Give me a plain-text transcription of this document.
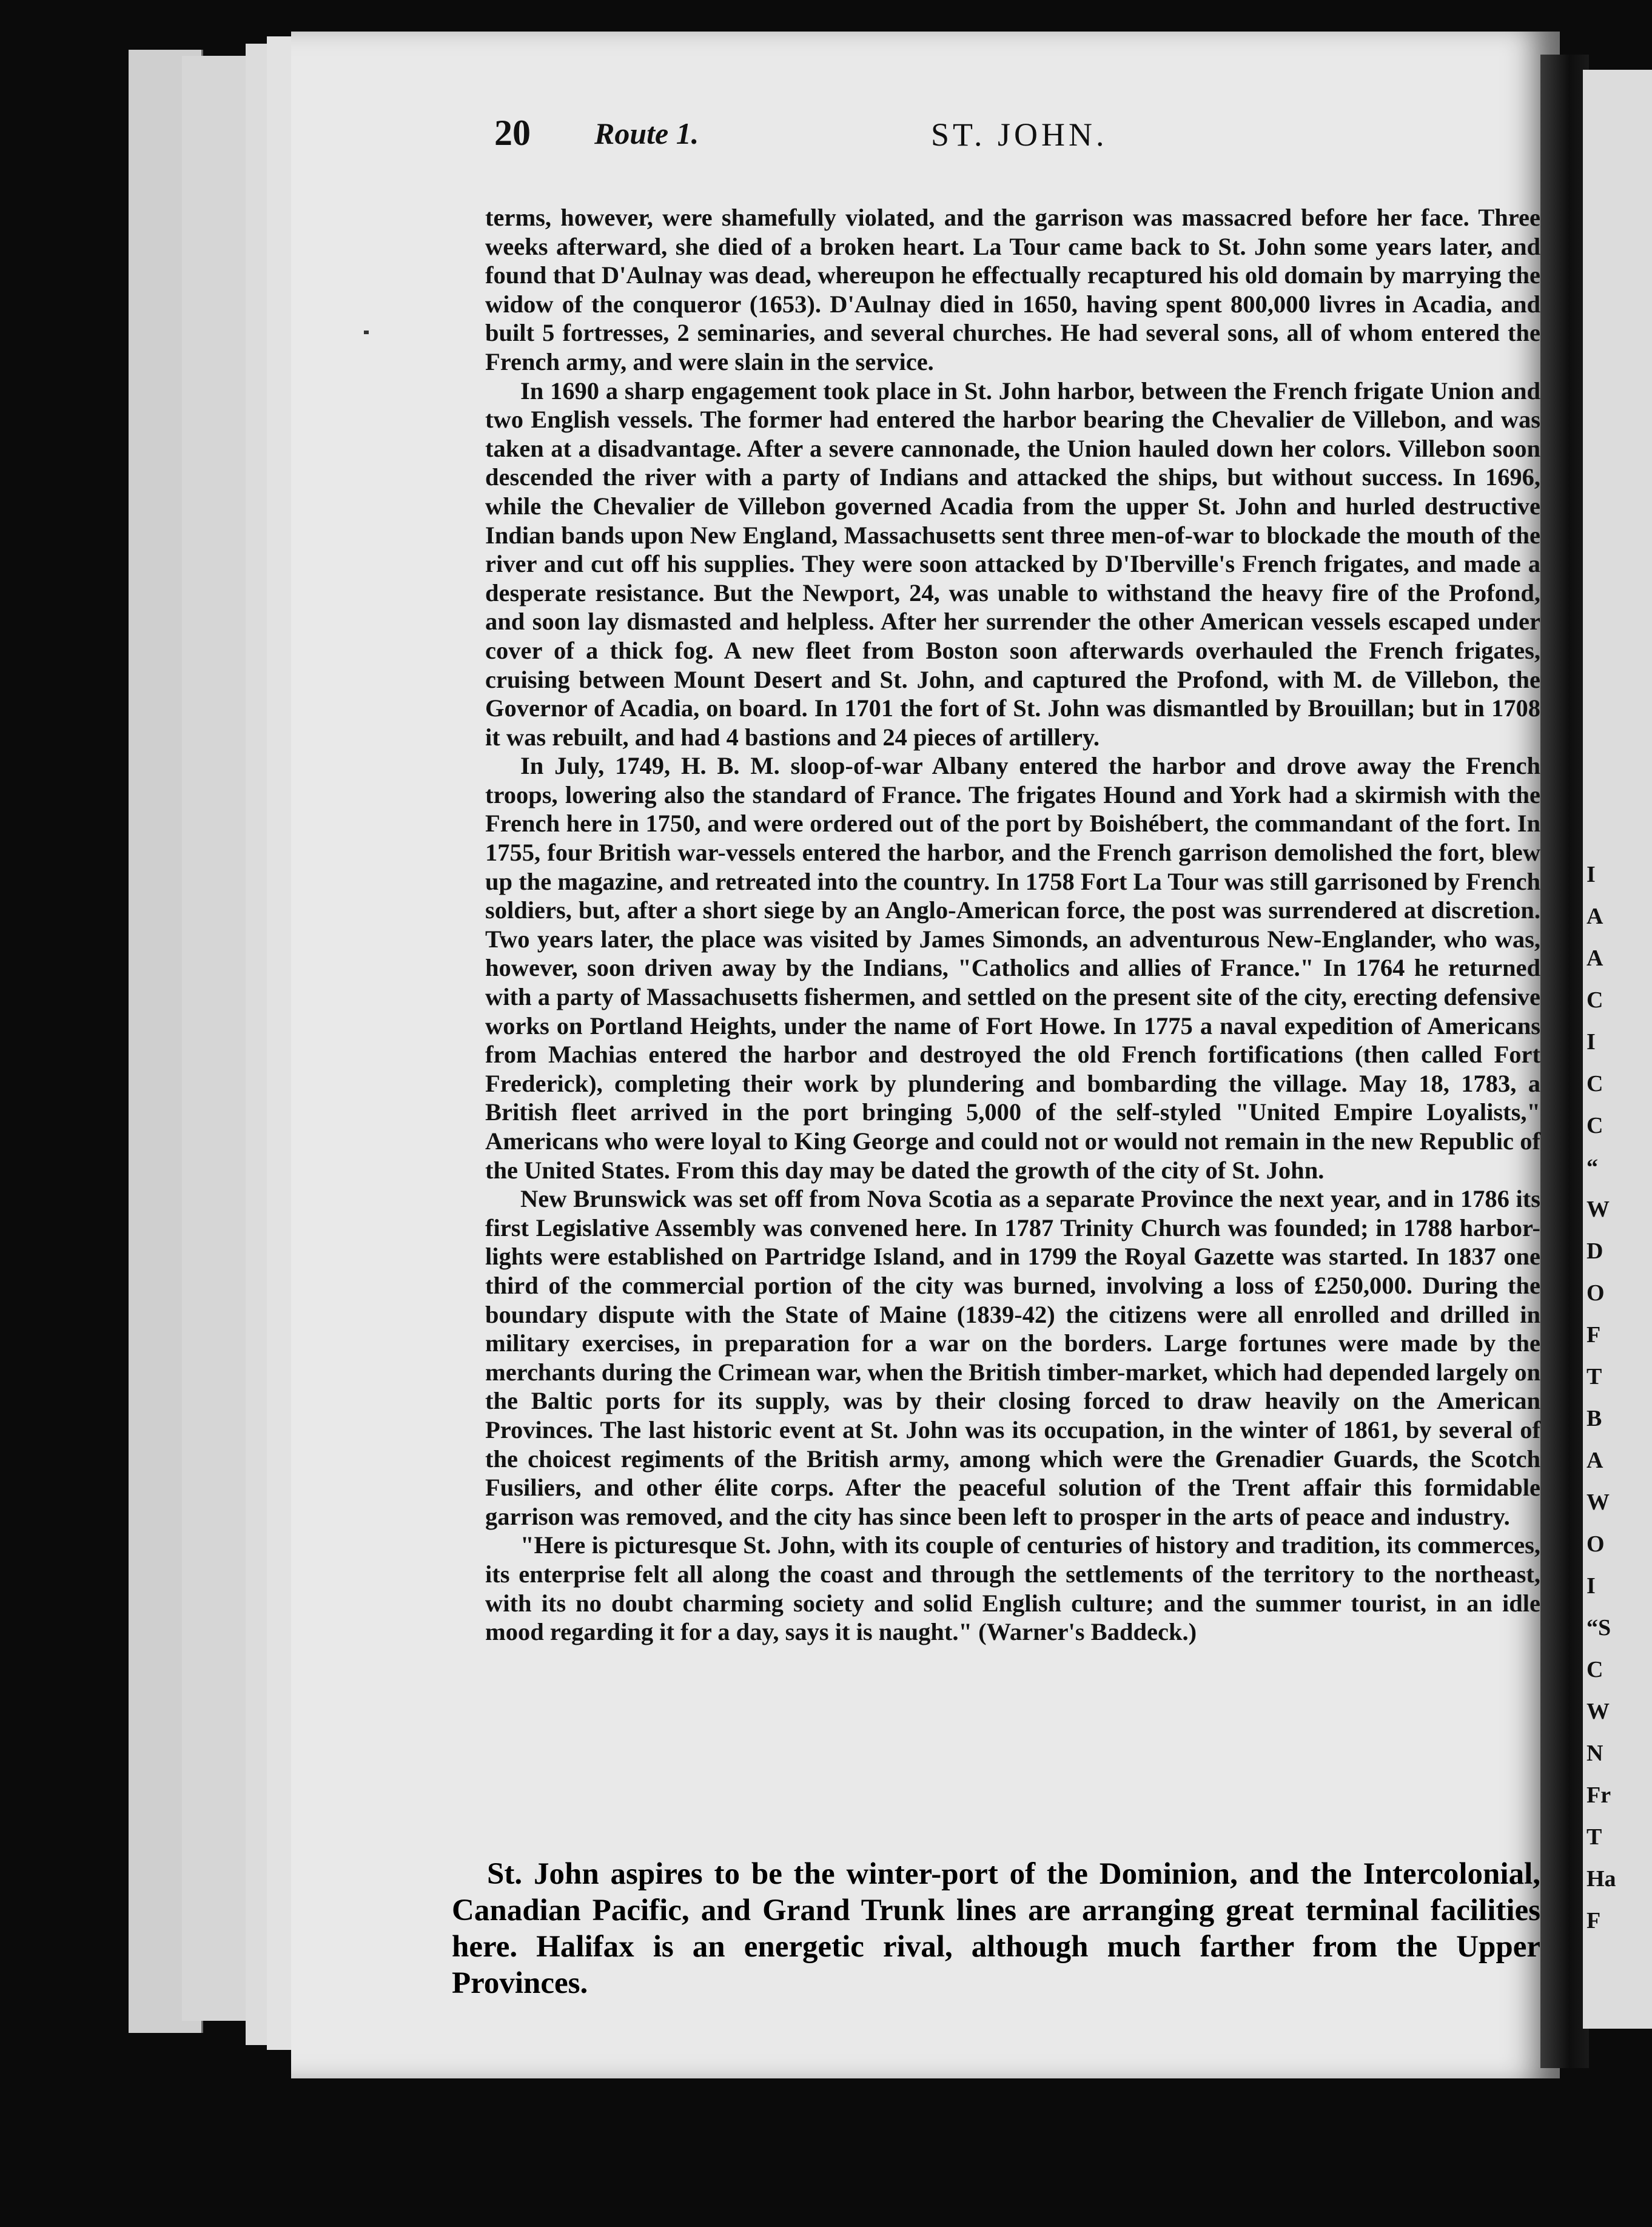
I
A
A
C
I
C
C
“
W
D
O
F
T
B
A
W
O
I
“S
C
W
N
Fr
T
Ha
F
20 Route 1.	ST. JOHN.

terms, however, were shamefully violated, and the garrison was massacred before her face. Three weeks afterward, she died of a broken heart. La Tour came back to St. John some years later, and found that D'Aulnay was dead, whereupon he effectually recaptured his old domain by marrying the widow of the conqueror (1653). D'Aulnay died in 1650, having spent 800,000 livres in Acadia, and built 5 fortresses, 2 seminaries, and several churches. He had several sons, all of whom entered the French army, and were slain in the service.

In 1690 a sharp engagement took place in St. John harbor, between the French frigate Union and two English vessels. The former had entered the harbor bearing the Chevalier de Villebon, and was taken at a disadvantage. After a severe cannonade, the Union hauled down her colors. Villebon soon descended the river with a party of Indians and attacked the ships, but without success. In 1696, while the Chevalier de Villebon governed Acadia from the upper St. John and hurled destructive Indian bands upon New England, Massachusetts sent three men-of-war to blockade the mouth of the river and cut off his supplies. They were soon attacked by D'Iberville's French frigates, and made a desperate resistance. But the Newport, 24, was unable to withstand the heavy fire of the Profond, and soon lay dismasted and helpless. After her surrender the other American vessels escaped under cover of a thick fog. A new fleet from Boston soon afterwards overhauled the French frigates, cruising between Mount Desert and St. John, and captured the Profond, with M. de Villebon, the Governor of Acadia, on board. In 1701 the fort of St. John was dismantled by Brouillan; but in 1708 it was rebuilt, and had 4 bastions and 24 pieces of artillery.

In July, 1749, H. B. M. sloop-of-war Albany entered the harbor and drove away the French troops, lowering also the standard of France. The frigates Hound and York had a skirmish with the French here in 1750, and were ordered out of the port by Boishébert, the commandant of the fort. In 1755, four British war-vessels entered the harbor, and the French garrison demolished the fort, blew up the magazine, and retreated into the country. In 1758 Fort La Tour was still garrisoned by French soldiers, but, after a short siege by an Anglo-American force, the post was surrendered at discretion. Two years later, the place was visited by James Simonds, an adventurous New-Englander, who was, however, soon driven away by the Indians, "Catholics and allies of France." In 1764 he returned with a party of Massachusetts fishermen, and settled on the present site of the city, erecting defensive works on Portland Heights, under the name of Fort Howe. In 1775 a naval expedition of Americans from Machias entered the harbor and destroyed the old French fortifications (then called Fort Frederick), completing their work by plundering and bombarding the village. May 18, 1783, a British fleet arrived in the port bringing 5,000 of the self-styled "United Empire Loyalists," Americans who were loyal to King George and could not or would not remain in the new Republic of the United States. From this day may be dated the growth of the city of St. John.

New Brunswick was set off from Nova Scotia as a separate Province the next year, and in 1786 its first Legislative Assembly was convened here. In 1787 Trinity Church was founded; in 1788 harbor-lights were established on Partridge Island, and in 1799 the Royal Gazette was started. In 1837 one third of the commercial portion of the city was burned, involving a loss of £250,000. During the boundary dispute with the State of Maine (1839-42) the citizens were all enrolled and drilled in military exercises, in preparation for a war on the borders. Large fortunes were made by the merchants during the Crimean war, when the British timber-market, which had depended largely on the Baltic ports for its supply, was by their closing forced to draw heavily on the American Provinces. The last historic event at St. John was its occupation, in the winter of 1861, by several of the choicest regiments of the British army, among which were the Grenadier Guards, the Scotch Fusiliers, and other élite corps. After the peaceful solution of the Trent affair this formidable garrison was removed, and the city has since been left to prosper in the arts of peace and industry.

"Here is picturesque St. John, with its couple of centuries of history and tradition, its commerces, its enterprise felt all along the coast and through the settlements of the territory to the northeast, with its no doubt charming society and solid English culture; and the summer tourist, in an idle mood regarding it for a day, says it is naught." (Warner's Baddeck.)

St. John aspires to be the winter-port of the Dominion, and the Intercolonial, Canadian Pacific, and Grand Trunk lines are arranging great terminal facilities here. Halifax is an energetic rival, although much farther from the Upper Provinces.
